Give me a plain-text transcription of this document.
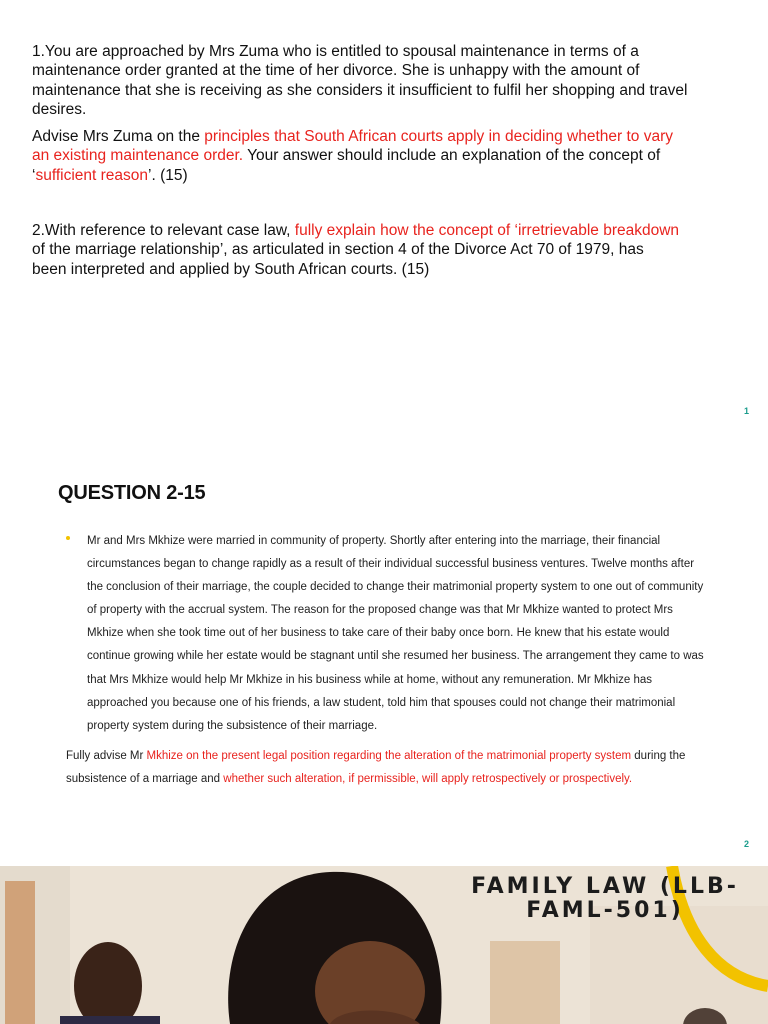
1.You are approached by Mrs Zuma who is entitled to spousal maintenance in terms of a maintenance order granted at the time of her divorce. She is unhappy with the amount of maintenance that she is receiving as she considers it insufficient to fulfil her shopping and travel desires.

Advise Mrs Zuma on the principles that South African courts apply in deciding whether to vary an existing maintenance order. Your answer should include an explanation of the concept of ‘sufficient reason’. (15)

2.With reference to relevant case law, fully explain how the concept of ‘irretrievable breakdown of the marriage relationship’, as articulated in section 4 of the Divorce Act 70 of 1979, has been interpreted and applied by South African courts. (15)

1
QUESTION 2-15

Mr and Mrs Mkhize were married in community of property. Shortly after entering into the marriage, their financial circumstances began to change rapidly as a result of their individual successful business ventures. Twelve months after the conclusion of their marriage, the couple decided to change their matrimonial property system to one out of community of property with the accrual system. The reason for the proposed change was that Mr Mkhize wanted to protect Mrs Mkhize when she took time out of her business to take care of their baby once born. He knew that his estate would continue growing while her estate would be stagnant until she resumed her business. The arrangement they came to was that Mrs Mkhize would help Mr Mkhize in his business while at home, without any remuneration. Mr Mkhize has approached you because one of his friends, a law student, told him that spouses could not change their matrimonial property system during the subsistence of their marriage.

Fully advise Mr Mkhize on the present legal position regarding the alteration of the matrimonial property system during the subsistence of a marriage and whether such alteration, if permissible, will apply retrospectively or prospectively.

2
FAMILY LAW (LLB-FAML-501)
